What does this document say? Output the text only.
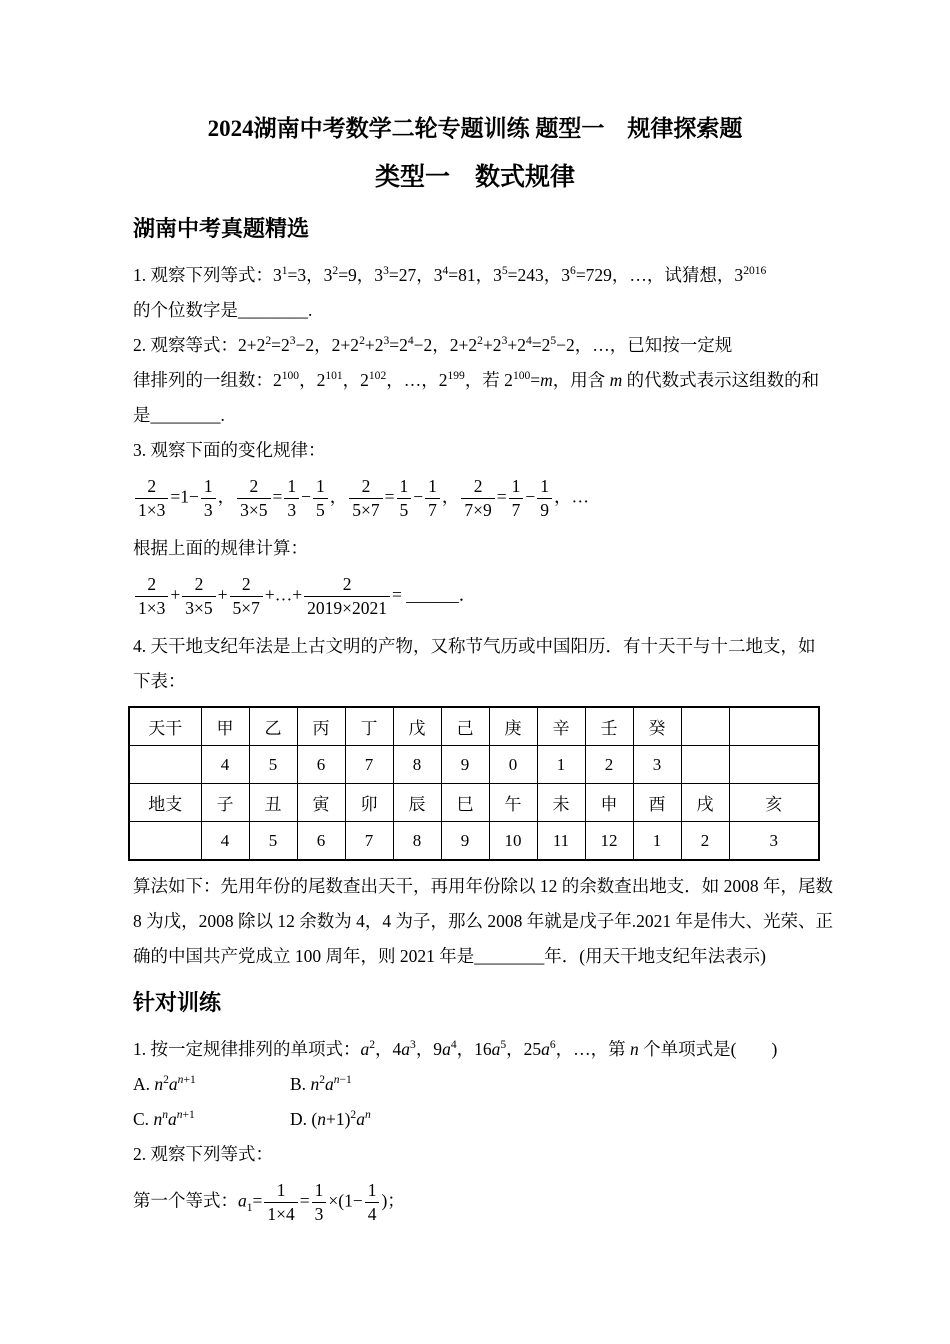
2024湖南中考数学二轮专题训练 题型一　规律探索题
类型一　数式规律
湖南中考真题精选
1. 观察下列等式：$3^1=3$，$3^2=9$，$3^3=27$，$3^4=81$，$3^5=243$，$3^6=729$，…，试猜想，$3^{2016}$
的个位数字是________.
2. 观察等式：$2+2^2=2^3-2$，$2+2^2+2^3=2^4-2$，$2+2^2+2^3+2^4=2^5-2$，…，已知按一定规
律排列的一组数：$2^{100}$，$2^{101}$，$2^{102}$，…，$2^{199}$，若 $2^{100}=m$，用含 m 的代数式表示这组数的和
是________.
3. 观察下面的变化规律：
$\frac{2}{1\times 3} =1- \frac{1}{3}$ ， $\frac{2}{3\times 5} = \frac{1}{3} - \frac{1}{5}$ ， $\frac{2}{5\times 7} = \frac{1}{5} - \frac{1}{7}$ ， $\frac{2}{7\times 9} = \frac{1}{7} - \frac{1}{9}$ ，…
根据上面的规律计算：
$\frac{2}{1\times 3} + \frac{2}{3\times 5} + \frac{2}{5\times 7}$ +…+ $\frac{2}{2019\times 2021}$ = ______．
4. 天干地支纪年法是上古文明的产物，又称节气历或中国阳历．有十天干与十二地支，如
下表：
天干	甲	乙	丙	丁	戊	己	庚	辛	壬	癸		
	4	5	6	7	8	9	0	1	2	3		
地支	子	丑	寅	卯	辰	巳	午	未	申	酉	戌	亥
	4	5	6	7	8	9	10	11	12	1	2	3
算法如下：先用年份的尾数查出天干，再用年份除以 12 的余数查出地支．如 2008 年，尾数
8 为戊，2008 除以 12 余数为 4，4 为子，那么 2008 年就是戊子年.2021 年是伟大、光荣、正
确的中国共产党成立 100 周年，则 2021 年是________年．(用天干地支纪年法表示)
针对训练
1. 按一定规律排列的单项式：$a^2$，$4a^3$，$9a^4$，$16a^5$，$25a^6$，…，第 n 个单项式是(　　)
A. $n^2a^{n+1}$	B. $n^2a^{n-1}$
C. $n^na^{n+1}$	D. $(n+1)^2a^n$
2. 观察下列等式：
第一个等式：$a_1= \frac{1}{1\times 4} = \frac{1}{3} \times(1- \frac{1}{4}$ )；
